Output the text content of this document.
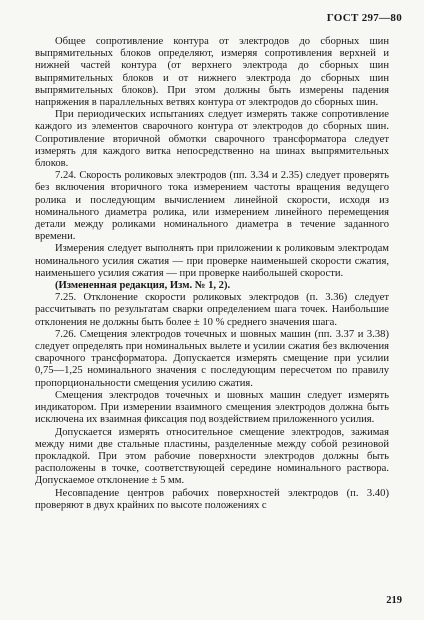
ГОСТ 297—80

Общее сопротивление контура от электродов до сборных шин выпрямительных блоков определяют, измеряя сопротивления верхней и нижней частей контура (от верхнего электрода до сборных шин выпрямительных блоков и от нижнего электрода до сборных шин выпрямительных блоков). При этом должны быть измерены падения напряжения в параллельных ветвях контура от электродов до сборных шин.

При периодических испытаниях следует измерять также сопротивление каждого из элементов сварочного контура от электродов до сборных шин. Сопротивление вторичной обмотки сварочного трансформатора следует измерять для каждого витка непосредственно на шинах выпрямительных блоков.

7.24. Скорость роликовых электродов (пп. 3.34 и 2.35) следует проверять без включения вторичного тока измерением частоты вращения ведущего ролика и последующим вычислением линейной скорости, исходя из номинального диаметра ролика, или измерением линейного перемещения детали между роликами номинального диаметра в течение заданного времени.

Измерения следует выполнять при приложении к роликовым электродам номинального усилия сжатия — при проверке наименьшей скорости сжатия, наименьшего усилия сжатия — при проверке наибольшей скорости.

(Измененная редакция, Изм. № 1, 2).

7.25. Отклонение скорости роликовых электродов (п. 3.36) следует рассчитывать по результатам сварки определением шага точек. Наибольшие отклонения не должны быть более ± 10 % среднего значения шага.

7.26. Смещения электродов точечных и шовных машин (пп. 3.37 и 3.38) следует определять при номинальных вылете и усилии сжатия без включения сварочного трансформатора. Допускается измерять смещение при усилии 0,75—1,25 номинального значения с последующим пересчетом по правилу пропорциональности смещения усилию сжатия.

Смещения электродов точечных и шовных машин следует измерять индикатором. При измерении взаимного смещения электродов должна быть исключена их взаимная фиксация под воздействием приложенного усилия.

Допускается измерять относительное смещение электродов, зажимая между ними две стальные пластины, разделенные между собой резиновой прокладкой. При этом рабочие поверхности электродов должны быть расположены в точке, соответствующей середине номинального раствора. Допускаемое отклонение ± 5 мм.

Несовпадение центров рабочих поверхностей электродов (п. 3.40) проверяют в двух крайних по высоте положениях с

219
